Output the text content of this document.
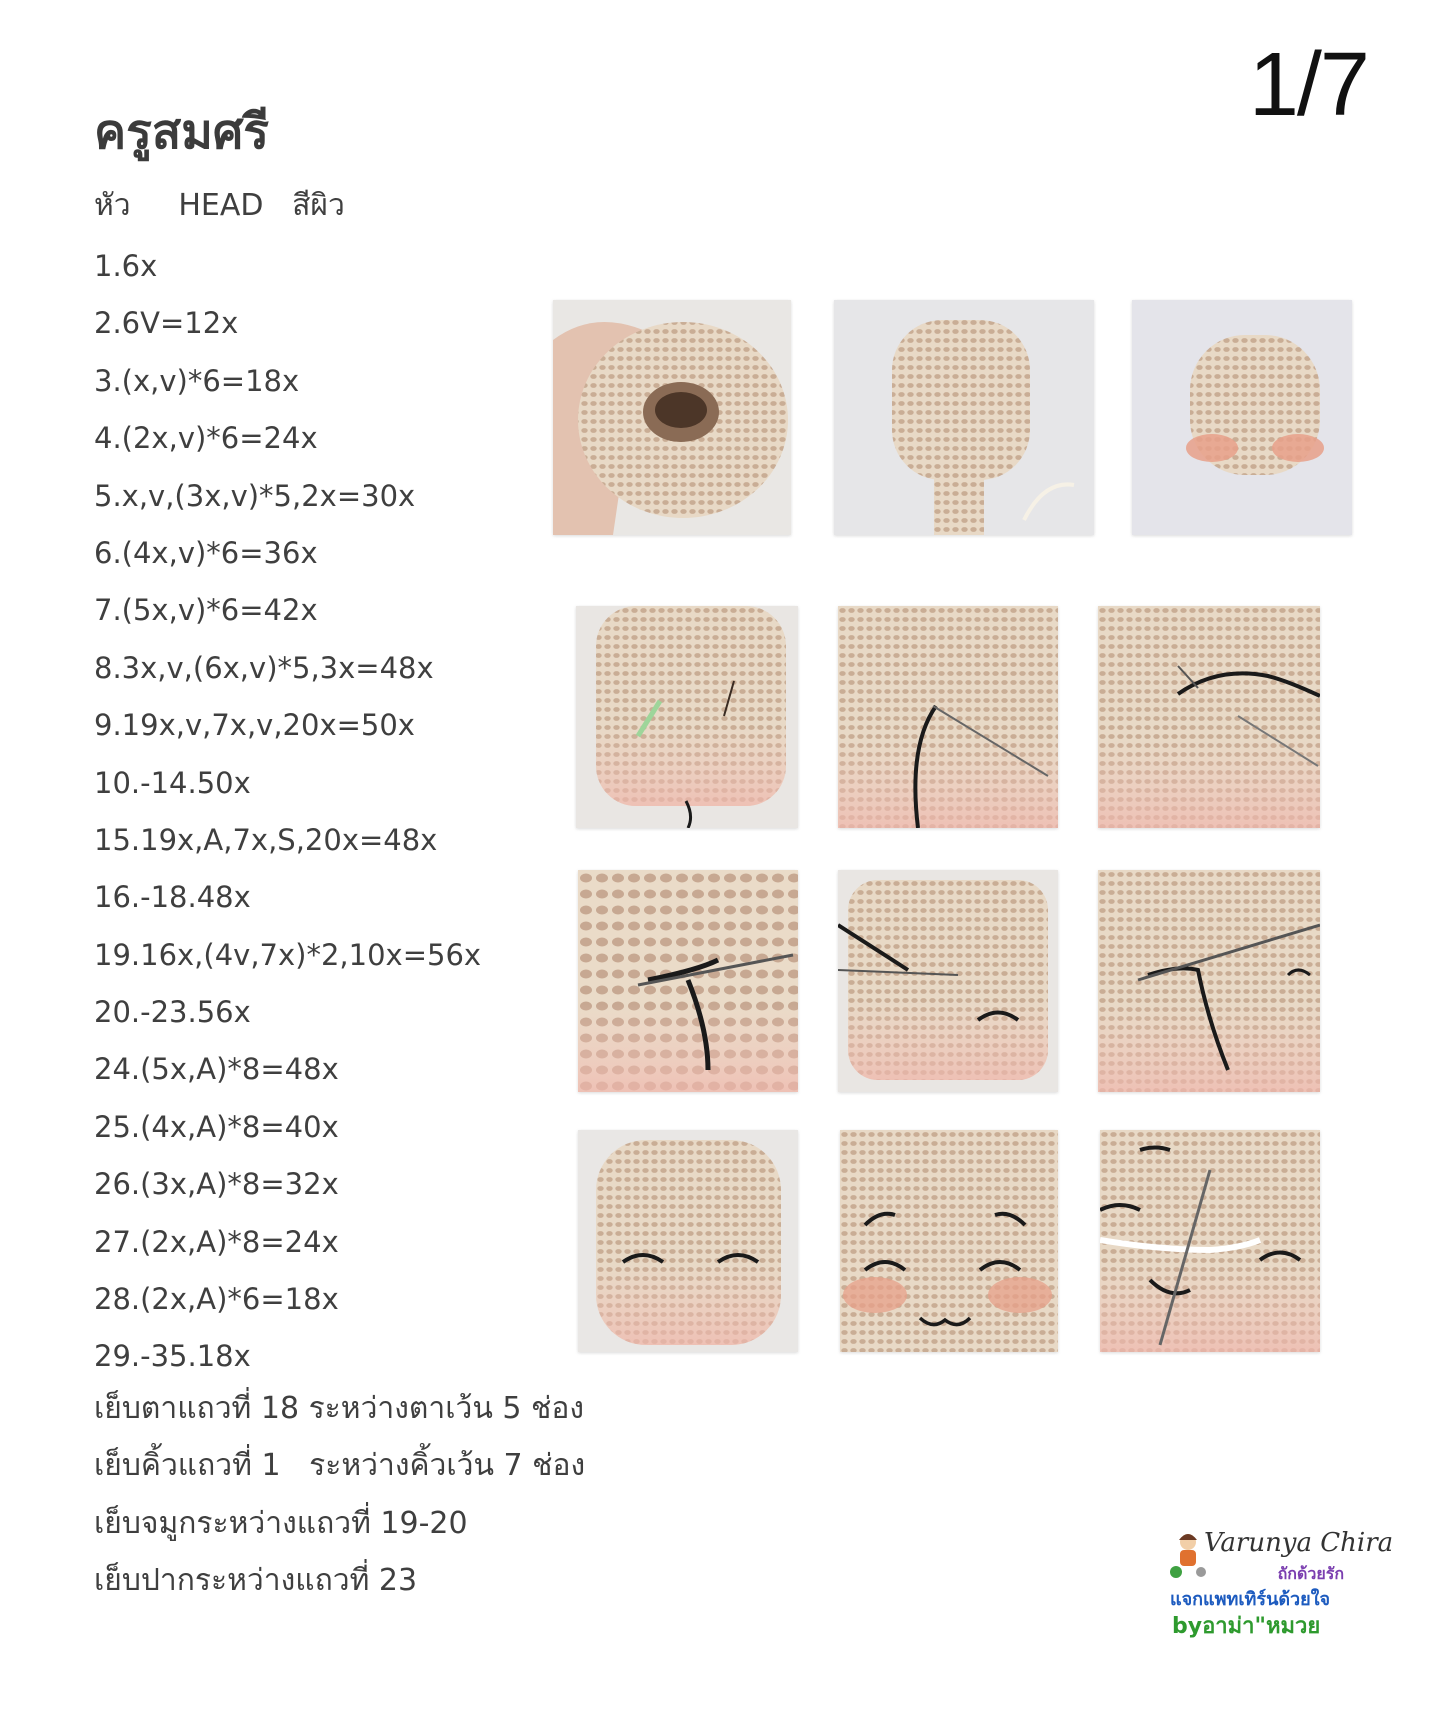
1/7
ครูสมศรี
หัว HEAD สีผิว
1.6x
2.6V=12x
3.(x,v)*6=18x
4.(2x,v)*6=24x
5.x,v,(3x,v)*5,2x=30x
6.(4x,v)*6=36x
7.(5x,v)*6=42x
8.3x,v,(6x,v)*5,3x=48x
9.19x,v,7x,v,20x=50x
10.-14.50x
15.19x,A,7x,S,20x=48x
16.-18.48x
19.16x,(4v,7x)*2,10x=56x
20.-23.56x
24.(5x,A)*8=48x
25.(4x,A)*8=40x
26.(3x,A)*8=32x
27.(2x,A)*8=24x
28.(2x,A)*6=18x
29.-35.18x
เย็บตาแถวที่ 18 ระหว่างตาเว้น 5 ช่อง
เย็บคิ้วแถวที่ 1   ระหว่างคิ้วเว้น 7 ช่อง
เย็บจมูกระหว่างแถวที่ 19-20
เย็บปากระหว่างแถวที่ 23
Varunya Chira
ถักด้วยรัก
แจกแพทเทิร์นด้วยใจ
byอาม่า"หมวย
